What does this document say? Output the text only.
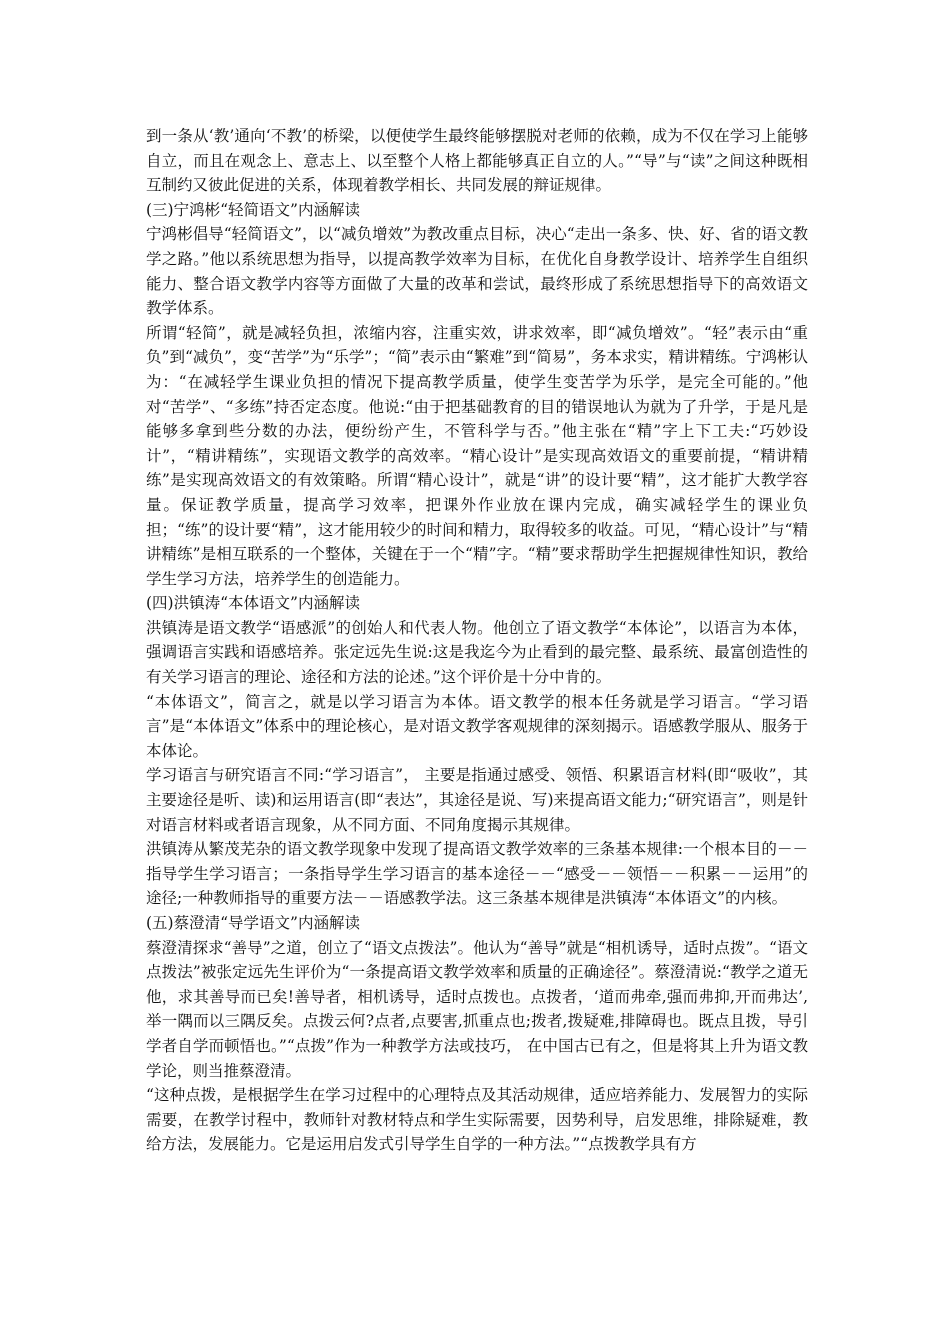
到一条从‘教’通向‘不教’的桥梁，以便使学生最终能够摆脱对老师的依赖，成为不仅在学习上能够自立，而且在观念上、意志上、以至整个人格上都能够真正自立的人。”“导”与“读”之间这种既相互制约又彼此促进的关系，体现着教学相长、共同发展的辩证规律。

(三)宁鸿彬“轻简语文”内涵解读

宁鸿彬倡导“轻简语文”，以“减负增效”为教改重点目标，决心“走出一条多、快、好、省的语文教学之路。”他以系统思想为指导，以提高教学效率为目标，在优化自身教学设计、培养学生自组织能力、整合语文教学内容等方面做了大量的改革和尝试，最终形成了系统思想指导下的高效语文教学体系。

所谓“轻简”，就是减轻负担，浓缩内容，注重实效，讲求效率，即“减负增效”。“轻”表示由“重负”到“减负”，变“苦学”为“乐学”；“简”表示由“繁难”到“简易”，务本求实，精讲精练。宁鸿彬认为：“在减轻学生课业负担的情况下提高教学质量，使学生变苦学为乐学，是完全可能的。”他对“苦学”、“多练”持否定态度。他说:“由于把基础教育的目的错误地认为就为了升学，于是凡是能够多拿到些分数的办法，便纷纷产生，不管科学与否。”他主张在“精”字上下工夫:“巧妙设计”，“精讲精练”，实现语文教学的高效率。“精心设计”是实现高效语文的重要前提，“精讲精练”是实现高效语文的有效策略。所谓“精心设计”，就是“讲”的设计要“精”，这才能扩大教学容量。保证教学质量，提高学习效率，把课外作业放在课内完成，确实减轻学生的课业负担；“练”的设计要“精”，这才能用较少的时间和精力，取得较多的收益。可见，“精心设计”与“精讲精练”是相互联系的一个整体，关键在于一个“精”字。“精”要求帮助学生把握规律性知识，教给学生学习方法，培养学生的创造能力。

(四)洪镇涛“本体语文”内涵解读

洪镇涛是语文教学“语感派”的创始人和代表人物。他创立了语文教学“本体论”，以语言为本体，强调语言实践和语感培养。张定远先生说:这是我迄今为止看到的最完整、最系统、最富创造性的有关学习语言的理论、途径和方法的论述。”这个评价是十分中肯的。

“本体语文”，简言之，就是以学习语言为本体。语文教学的根本任务就是学习语言。“学习语言”是“本体语文”体系中的理论核心，是对语文教学客观规律的深刻揭示。语感教学服从、服务于本体论。

学习语言与研究语言不同:“学习语言”， 主要是指通过感受、领悟、积累语言材料(即“吸收”，其主要途径是听、读)和运用语言(即“表达”，其途径是说、写)来提高语文能力;“研究语言”，则是针对语言材料或者语言现象，从不同方面、不同角度揭示其规律。

洪镇涛从繁茂芜杂的语文教学现象中发现了提高语文教学效率的三条基本规律:一个根本目的－－指导学生学习语言；一条指导学生学习语言的基本途径－－“感受－－领悟－－积累－－运用”的途径;一种教师指导的重要方法－－语感教学法。这三条基本规律是洪镇涛“本体语文”的内核。

(五)蔡澄清“导学语文”内涵解读

蔡澄清探求“善导”之道，创立了“语文点拨法”。他认为“善导”就是“相机诱导，适时点拨”。“语文点拨法”被张定远先生评价为“一条提高语文教学效率和质量的正确途径”。蔡澄清说:“教学之道无他，求其善导而已矣!善导者，相机诱导，适时点拨也。点拨者，‘道而弗牵,强而弗抑,开而弗达’,举一隅而以三隅反矣。点拨云何?点者,点要害,抓重点也;拨者,拨疑难,排障碍也。既点且拨，导引学者自学而顿悟也。”“点拨”作为一种教学方法或技巧， 在中国古已有之，但是将其上升为语文教学论，则当推蔡澄清。

“这种点拨，是根据学生在学习过程中的心理特点及其活动规律，适应培养能力、发展智力的实际需要，在教学讨程中，教师针对教材特点和学生实际需要，因势利导，启发思维，排除疑难，教给方法，发展能力。它是运用启发式引导学生自学的一种方法。”“点拨教学具有方
